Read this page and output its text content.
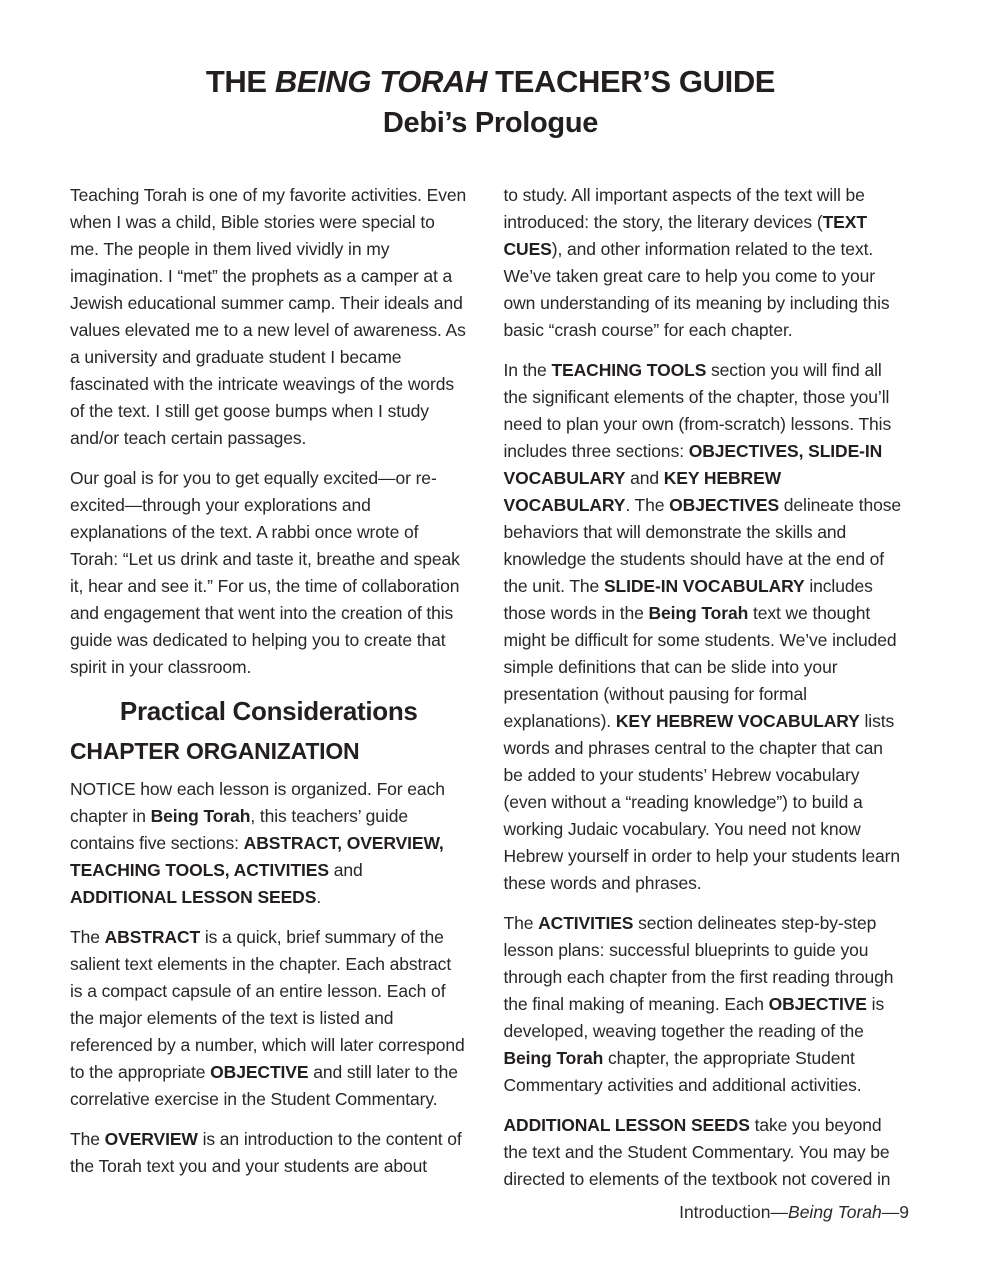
THE BEING TORAH TEACHER’S GUIDE
Debi’s Prologue

Teaching Torah is one of my favorite activities. Even when I was a child, Bible stories were special to me. The people in them lived vividly in my imagination. I “met” the prophets as a camper at a Jewish educational summer camp. Their ideals and values elevated me to a new level of awareness. As a university and graduate student I became fascinated with the intricate weavings of the words of the text. I still get goose bumps when I study and/or teach certain passages.

Our goal is for you to get equally excited—or re-excited—through your explorations and explanations of the text. A rabbi once wrote of Torah: “Let us drink and taste it, breathe and speak it, hear and see it.” For us, the time of collaboration and engagement that went into the creation of this guide was dedicated to helping you to create that spirit in your classroom.

Practical Considerations
CHAPTER ORGANIZATION

NOTICE how each lesson is organized. For each chapter in Being Torah, this teachers’ guide contains five sections: ABSTRACT, OVERVIEW, TEACHING TOOLS, ACTIVITIES and ADDITIONAL LESSON SEEDS.

The ABSTRACT is a quick, brief summary of the salient text elements in the chapter. Each abstract is a compact capsule of an entire lesson. Each of the major elements of the text is listed and referenced by a number, which will later correspond to the appropriate OBJECTIVE and still later to the correlative exercise in the Student Commentary.

The OVERVIEW is an introduction to the content of the Torah text you and your students are about

to study. All important aspects of the text will be introduced: the story, the literary devices (TEXT CUES), and other information related to the text. We’ve taken great care to help you come to your own understanding of its meaning by including this basic “crash course” for each chapter.

In the TEACHING TOOLS section you will find all the significant elements of the chapter, those you’ll need to plan your own (from-scratch) lessons. This includes three sections: OBJECTIVES, SLIDE-IN VOCABULARY and KEY HEBREW VOCABULARY. The OBJECTIVES delineate those behaviors that will demonstrate the skills and knowledge the students should have at the end of the unit. The SLIDE-IN VOCABULARY includes those words in the Being Torah text we thought might be difficult for some students. We’ve included simple definitions that can be slide into your presentation (without pausing for formal explanations). KEY HEBREW VOCABULARY lists words and phrases central to the chapter that can be added to your students’ Hebrew vocabulary (even without a “reading knowledge”) to build a working Judaic vocabulary. You need not know Hebrew yourself in order to help your students learn these words and phrases.

The ACTIVITIES section delineates step-by-step lesson plans: successful blueprints to guide you through each chapter from the first reading through the final making of meaning. Each OBJECTIVE is developed, weaving together the reading of the Being Torah chapter, the appropriate Student Commentary activities and additional activities.

ADDITIONAL LESSON SEEDS take you beyond the text and the Student Commentary. You may be directed to elements of the textbook not covered in

Introduction—Being Torah—9
